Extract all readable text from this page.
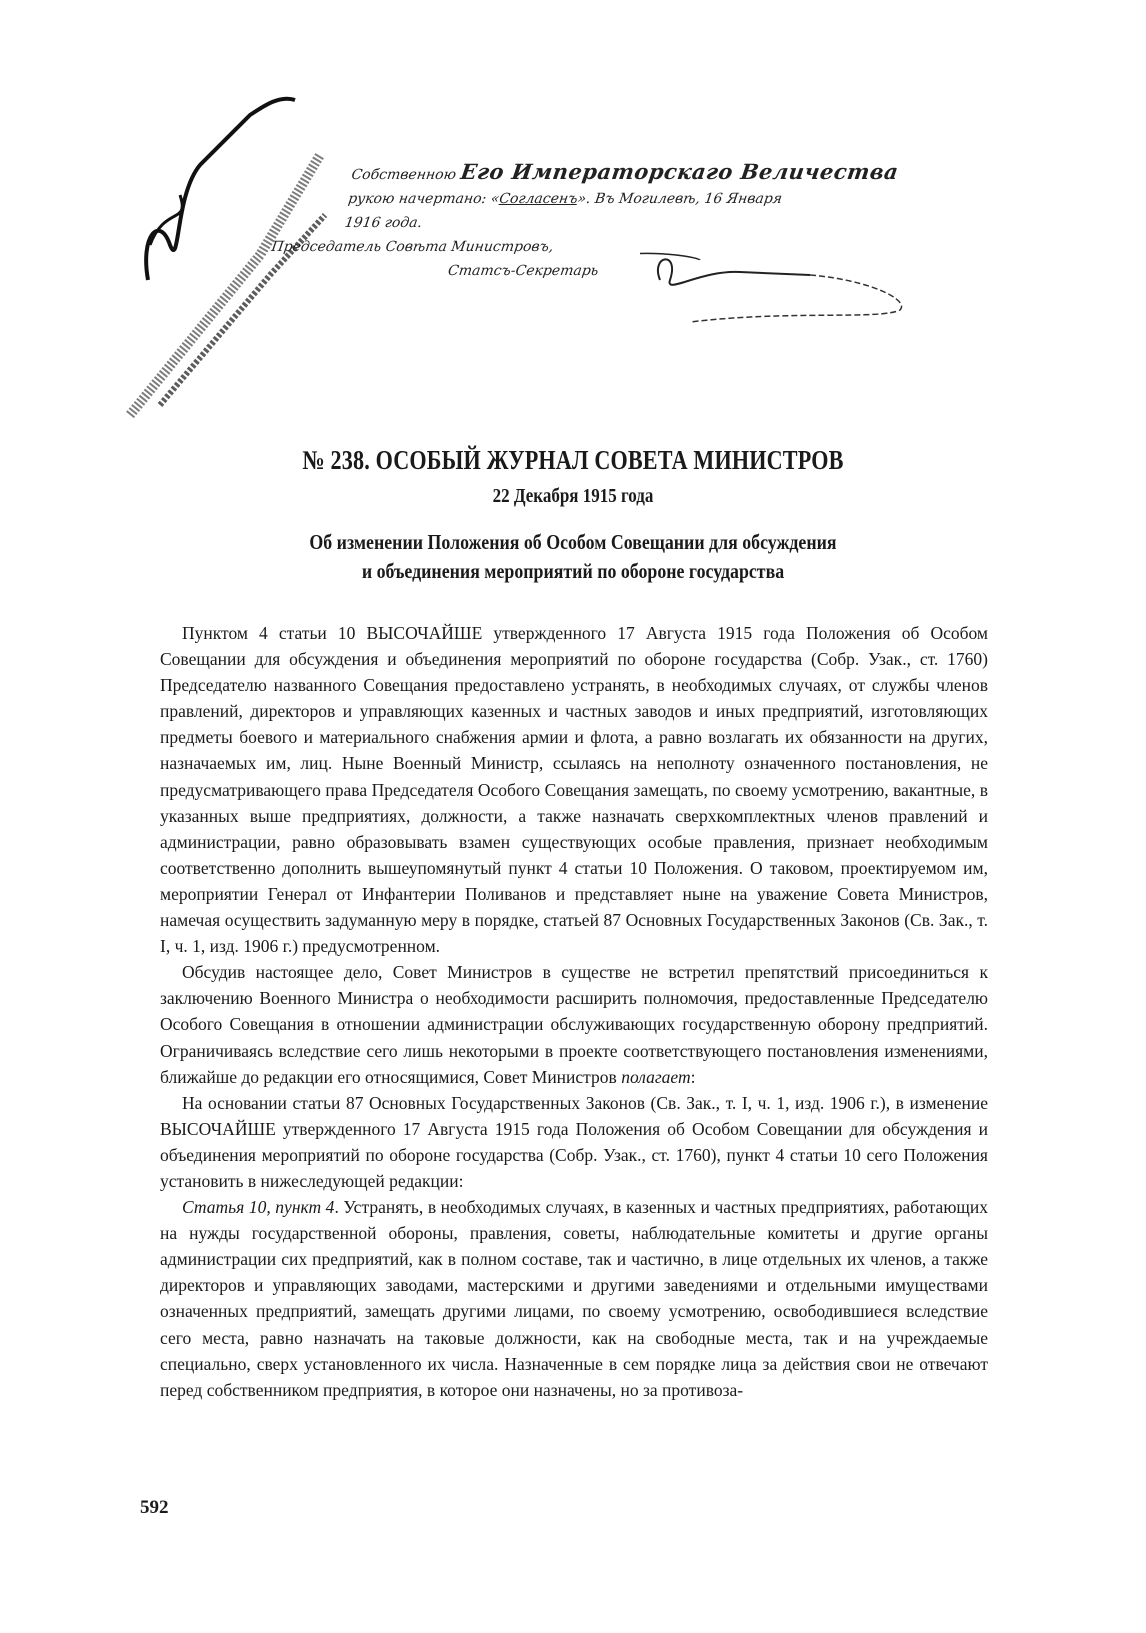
Собственною Его Императорскаго Величества
рукою начертано: «Согласенъ». Въ Могилевѣ, 16 Января
1916 года.
Председатель Совѣта Министровъ,
Статсъ-Секретарь
№ 238. ОСОБЫЙ ЖУРНАЛ СОВЕТА МИНИСТРОВ
22 Декабря 1915 года
Об изменении Положения об Особом Совещании для обсуждения
и объединения мероприятий по обороне государства

Пунктом 4 статьи 10 ВЫСОЧАЙШЕ утвержденного 17 Августа 1915 года Положения об Особом Совещании для обсуждения и объединения мероприятий по обороне государства (Собр. Узак., ст. 1760) Председателю названного Совещания предоставлено устранять, в необходимых случаях, от службы членов правлений, директоров и управляющих казенных и частных заводов и иных предприятий, изготовляющих предметы боевого и материального снабжения армии и флота, а равно возлагать их обязанности на других, назначаемых им, лиц. Ныне Военный Министр, ссылаясь на неполноту означенного постановления, не предусматривающего права Председателя Особого Совещания замещать, по своему усмотрению, вакантные, в указанных выше предприятиях, должности, а также назначать сверхкомплектных членов правлений и администрации, равно образовывать взамен существующих особые правления, признает необходимым соответственно дополнить вышеупомянутый пункт 4 статьи 10 Положения. О таковом, проектируемом им, мероприятии Генерал от Инфантерии Поливанов и представляет ныне на уважение Совета Министров, намечая осуществить задуманную меру в порядке, статьей 87 Основных Государственных Законов (Св. Зак., т. I, ч. 1, изд. 1906 г.) предусмотренном.

Обсудив настоящее дело, Совет Министров в существе не встретил препятствий присоединиться к заключению Военного Министра о необходимости расширить полномочия, предоставленные Председателю Особого Совещания в отношении администрации обслуживающих государственную оборону предприятий. Ограничиваясь вследствие сего лишь некоторыми в проекте соответствующего постановления изменениями, ближайше до редакции его относящимися, Совет Министров полагает:

На основании статьи 87 Основных Государственных Законов (Св. Зак., т. I, ч. 1, изд. 1906 г.), в изменение ВЫСОЧАЙШЕ утвержденного 17 Августа 1915 года Положения об Особом Совещании для обсуждения и объединения мероприятий по обороне государства (Собр. Узак., ст. 1760), пункт 4 статьи 10 сего Положения установить в нижеследующей редакции:

Статья 10, пункт 4. Устранять, в необходимых случаях, в казенных и частных предприятиях, работающих на нужды государственной обороны, правления, советы, наблюдательные комитеты и другие органы администрации сих предприятий, как в полном составе, так и частично, в лице отдельных их членов, а также директоров и управляющих заводами, мастерскими и другими заведениями и отдельными имуществами означенных предприятий, замещать другими лицами, по своему усмотрению, освободившиеся вследствие сего места, равно назначать на таковые должности, как на свободные места, так и на учреждаемые специально, сверх установленного их числа. Назначенные в сем порядке лица за действия свои не отвечают перед собственником предприятия, в которое они назначены, но за противоза-

592
